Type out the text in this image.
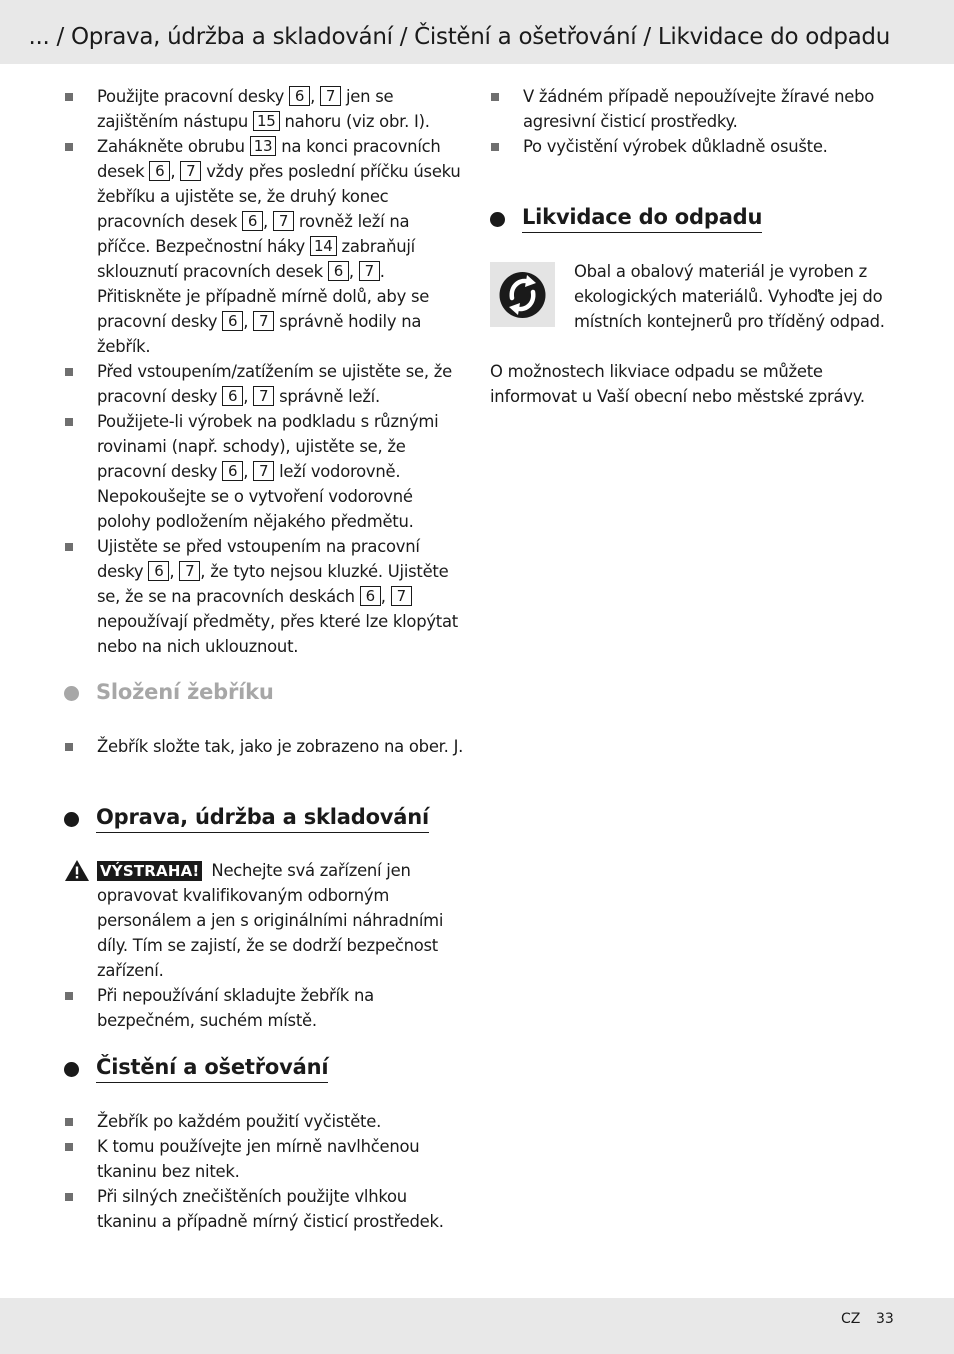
... / Oprava, údržba a skladování / Čistění a ošetřování / Likvidace do odpadu
Použijte pracovní desky 6 , 7 jen se zajištěním nástupu 15 nahoru (viz obr. I).
Zahákněte obrubu 13 na konci pracovních desek 6 , 7 vždy přes poslední příčku úseku žebříku a ujistěte se, že druhý konec pracovních desek 6 , 7 rovněž leží na příčce. Bezpečnostní háky 14 zabraňují sklouznutí pracovních desek 6 , 7 . Přitiskněte je případně mírně dolů, aby se pracovní desky 6 , 7 správně hodily na žebřík.
Před vstoupením/zatížením se ujistěte se, že pracovní desky 6 , 7 správně leží.
Použijete-li výrobek na podkladu s různými rovinami (např. schody), ujistěte se, že pracovní desky 6 , 7 leží vodorovně. Nepokoušejte se o vytvoření vodorovné polohy podložením nějakého předmětu.
Ujistěte se před vstoupením na pracovní desky 6 , 7 , že tyto nejsou kluzké. Ujistěte se, že se na pracovních deskách 6 , 7 nepoužívají předměty, přes které lze klopýtat nebo na nich uklouznout.
Složení žebříku
Žebřík složte tak, jako je zobrazeno na ober. J.
Oprava, údržba a skladování
VÝSTRAHA! Nechejte svá zařízení jen opravovat kvalifikovaným odborným personálem a jen s originálními náhradními díly. Tím se zajistí, že se dodrží bezpečnost zařízení.
Při nepoužívání skladujte žebřík na bezpečném, suchém místě.
Čistění a ošetřování
Žebřík po každém použití vyčistěte.
K tomu používejte jen mírně navlhčenou tkaninu bez nitek.
Při silných znečištěních použijte vlhkou tkaninu a případně mírný čisticí prostředek.
V žádném případě nepoužívejte žíravé nebo agresivní čisticí prostředky.
Po vyčistění výrobek důkladně osušte.
Likvidace do odpadu
Obal a obalový materiál je vyroben z ekologických materiálů. Vyhoďte jej do místních kontejnerů pro tříděný odpad.
O možnostech likviace odpadu se můžete informovat u Vaší obecní nebo městské zprávy.
CZ 33
